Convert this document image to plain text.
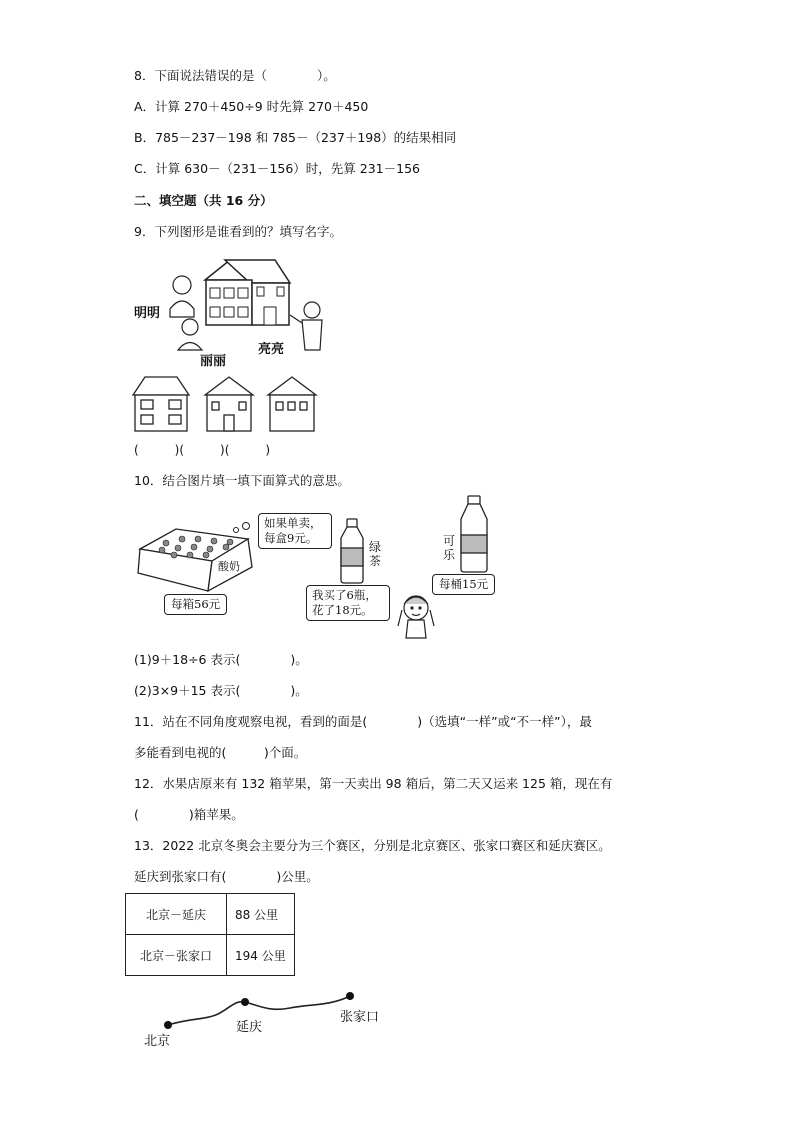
8．下面说法错误的是（　　　　）。
A．计算 270＋450÷9 时先算 270＋450
B．785－237－198 和 785－（237＋198）的结果相同
C．计算 630－（231－156）时，先算 231－156
二、填空题（共 16 分）
9．下列图形是谁看到的？填写名字。
明明
丽丽
亮亮
(　　　)(　　　)(　　　)
10．结合图片填一填下面算式的意思。
酸奶
如果单卖，
每盒9元。
每箱56元
绿茶
可乐
每桶15元
我买了6瓶，
花了18元。
(1)9＋18÷6 表示(　　　　)。
(2)3×9＋15 表示(　　　　)。
11．站在不同角度观察电视，看到的面是(　　　　)（选填“一样”或“不一样”），最
多能看到电视的(　　　)个面。
12．水果店原来有 132 箱苹果，第一天卖出 98 箱后，第二天又运来 125 箱，现在有
(　　　　)箱苹果。
13．2022 北京冬奥会主要分为三个赛区，分别是北京赛区、张家口赛区和延庆赛区。
延庆到张家口有(　　　　)公里。
北京－延庆	88 公里
北京－张家口	194 公里
北京
延庆
张家口
